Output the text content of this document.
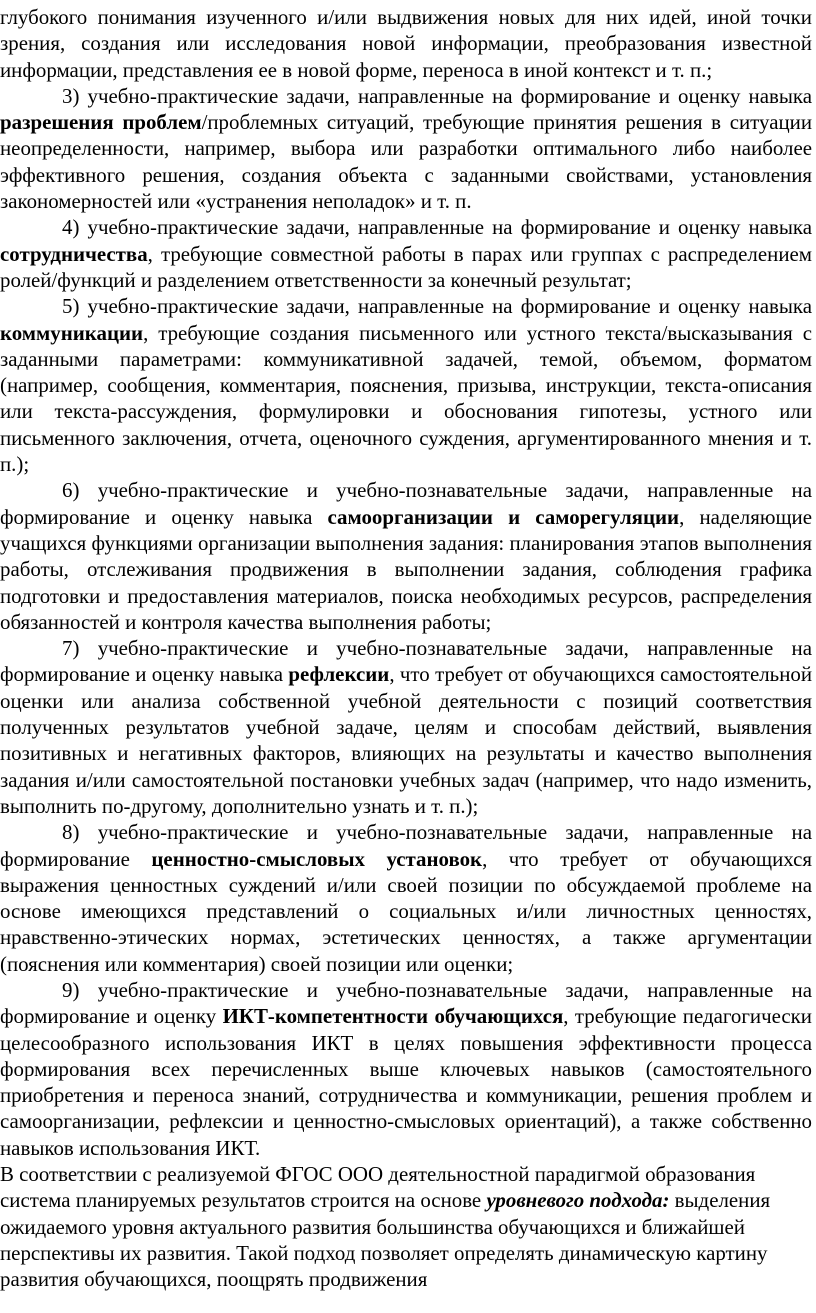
глубокого понимания изученного и/или выдвижения новых для них идей, иной точки зрения, создания или исследования новой информации, преобразования известной информации, представления ее в новой форме, переноса в иной контекст и т. п.;

3) учебно-практические задачи, направленные на формирование и оценку навыка разрешения проблем/проблемных ситуаций, требующие принятия решения в ситуации неопределенности, например, выбора или разработки оптимального либо наиболее эффективного решения, создания объекта с заданными свойствами, установления закономерностей или «устранения неполадок» и т. п.

4) учебно-практические задачи, направленные на формирование и оценку навыка сотрудничества, требующие совместной работы в парах или группах с распределением ролей/функций и разделением ответственности за конечный результат;

5) учебно-практические задачи, направленные на формирование и оценку навыка коммуникации, требующие создания письменного или устного текста/высказывания с заданными параметрами: коммуникативной задачей, темой, объемом, форматом (например, сообщения, комментария, пояснения, призыва, инструкции, текста-описания или текста-рассуждения, формулировки и обоснования гипотезы, устного или письменного заключения, отчета, оценочного суждения, аргументированного мнения и т. п.);

6) учебно-практические и учебно-познавательные задачи, направленные на формирование и оценку навыка самоорганизации и саморегуляции, наделяющие учащихся функциями организации выполнения задания: планирования этапов выполнения работы, отслеживания продвижения в выполнении задания, соблюдения графика подготовки и предоставления материалов, поиска необходимых ресурсов, распределения обязанностей и контроля качества выполнения работы;

7) учебно-практические и учебно-познавательные задачи, направленные на формирование и оценку навыка рефлексии, что требует от обучающихся самостоятельной оценки или анализа собственной учебной деятельности с позиций соответствия полученных результатов учебной задаче, целям и способам действий, выявления позитивных и негативных факторов, влияющих на результаты и качество выполнения задания и/или самостоятельной постановки учебных задач (например, что надо изменить, выполнить по-другому, дополнительно узнать и т. п.);

8) учебно-практические и учебно-познавательные задачи, направленные на формирование ценностно-смысловых установок, что требует от обучающихся выражения ценностных суждений и/или своей позиции по обсуждаемой проблеме на основе имеющихся представлений о социальных и/или личностных ценностях, нравственно-этических нормах, эстетических ценностях, а также аргументации (пояснения или комментария) своей позиции или оценки;

9) учебно-практические и учебно-познавательные задачи, направленные на формирование и оценку ИКТ-компетентности обучающихся, требующие педагогически целесообразного использования ИКТ в целях повышения эффективности процесса формирования всех перечисленных выше ключевых навыков (самостоятельного приобретения и переноса знаний, сотрудничества и коммуникации, решения проблем и самоорганизации, рефлексии и ценностно-смысловых ориентаций), а также собственно навыков использования ИКТ.

В соответствии с реализуемой ФГОС ООО деятельностной парадигмой образования система планируемых результатов строится на основе уровневого подхода: выделения ожидаемого уровня актуального развития большинства обучающихся и ближайшей перспективы их развития. Такой подход позволяет определять динамическую картину развития обучающихся, поощрять продвижения
